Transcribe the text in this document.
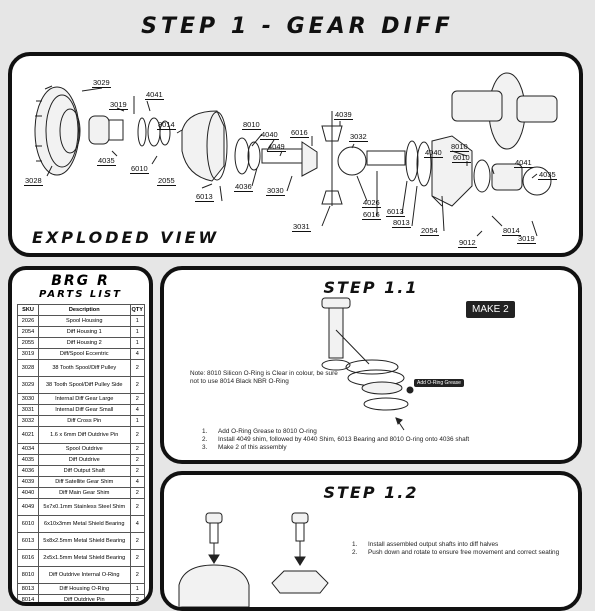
STEP 1 - GEAR DIFF
3029
3019
4041
8014
3028
4035
6010
2055
8010
4040 6016
4039
3032
4049
6013
4036 3030
3031
4026
6016 6013
8013
2054
8010
6010
4040
4041
4035
8014
9012	3019
EXPLODED VIEW
BRG R
PARTS LIST
SKU	Description	QTY
2026	Spool Housing	1
2054	Diff Housing 1	1
2055	Diff Housing 2	1
3019	Diff/Spool Eccentric	4
3028	38 Tooth Spool/Diff Pulley	2
3029	38 Tooth Spool/Diff Pulley Side	2
3030	Internal Diff Gear Large	2
3031	Internal Diff Gear Small	4
3032	Diff Cross Pin	1
4021	1.6 x 6mm Diff Outdrive Pin	2
4034	Spool Outdrive	2
4035	Diff Outdrive	2
4036	Diff Output Shaft	2
4039	Diff Satellite Gear Shim	4
4040	Diff Main Gear Shim	2
4049	5x7x0.1mm Stainless Steel Shim	2
6010	6x10x3mm Metal Shield Bearing	4
6013	5x8x2.5mm Metal Shield Bearing	2
6016	2x5x1.5mm Metal Shield Bearing	2
8010	Diff Outdrive Internal O-Ring	2
8013	Diff Housing O-Ring	1
8014	Diff Outdrive Pin	2
STEP 1.1
MAKE 2
Add O-Ring Grease
Note: 8010 Silicon O-Ring is Clear in colour, be sure not to use 8014 Black NBR O-Ring
1.	Add O-Ring Grease to 8010 O-ring
2.	Install 4049 shim, followed by 4040 Shim, 6013 Bearing and 8010 O-ring onto 4036 shaft
3.	Make 2 of this assembly
STEP 1.2
1.	Install assembled output shafts into diff halves
2.	Push down and rotate to ensure free movement and correct seating
